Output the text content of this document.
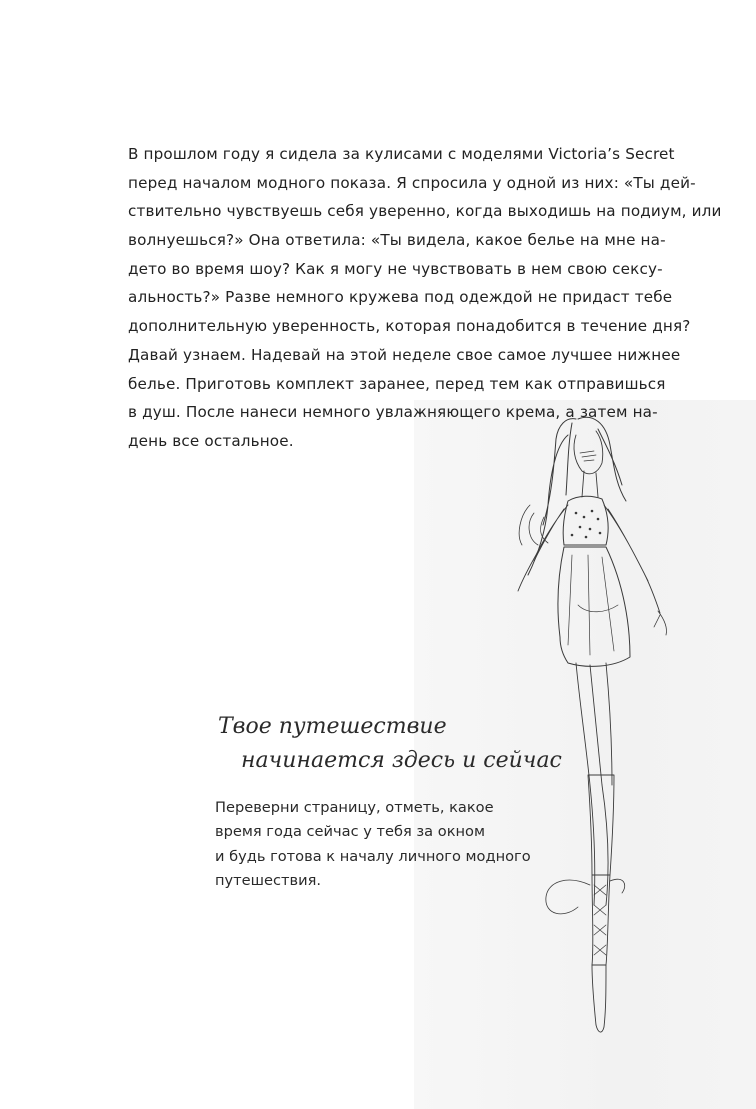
В прошлом году я сидела за кулисами с моделями Victoria’s Secret
перед началом модного показа. Я спросила у одной из них: «Ты дей-
ствительно чувствуешь себя уверенно, когда выходишь на подиум, или
волнуешься?» Она ответила: «Ты видела, какое белье на мне на-
дето во время шоу? Как я могу не чувствовать в нем свою сексу-
альность?» Разве немного кружева под одеждой не придаст тебе
дополнительную уверенность, которая понадобится в течение дня?
Давай узнаем. Надевай на этой неделе свое самое лучшее нижнее
белье. Приготовь комплект заранее, перед тем как отправишься
в душ. После нанеси немного увлажняющего крема, а затем на-
день все остальное.
Твое путешествие
начинается здесь и сейчас
Переверни страницу, отметь, какое
время года сейчас у тебя за окном
и будь готова к началу личного модного
путешествия.
